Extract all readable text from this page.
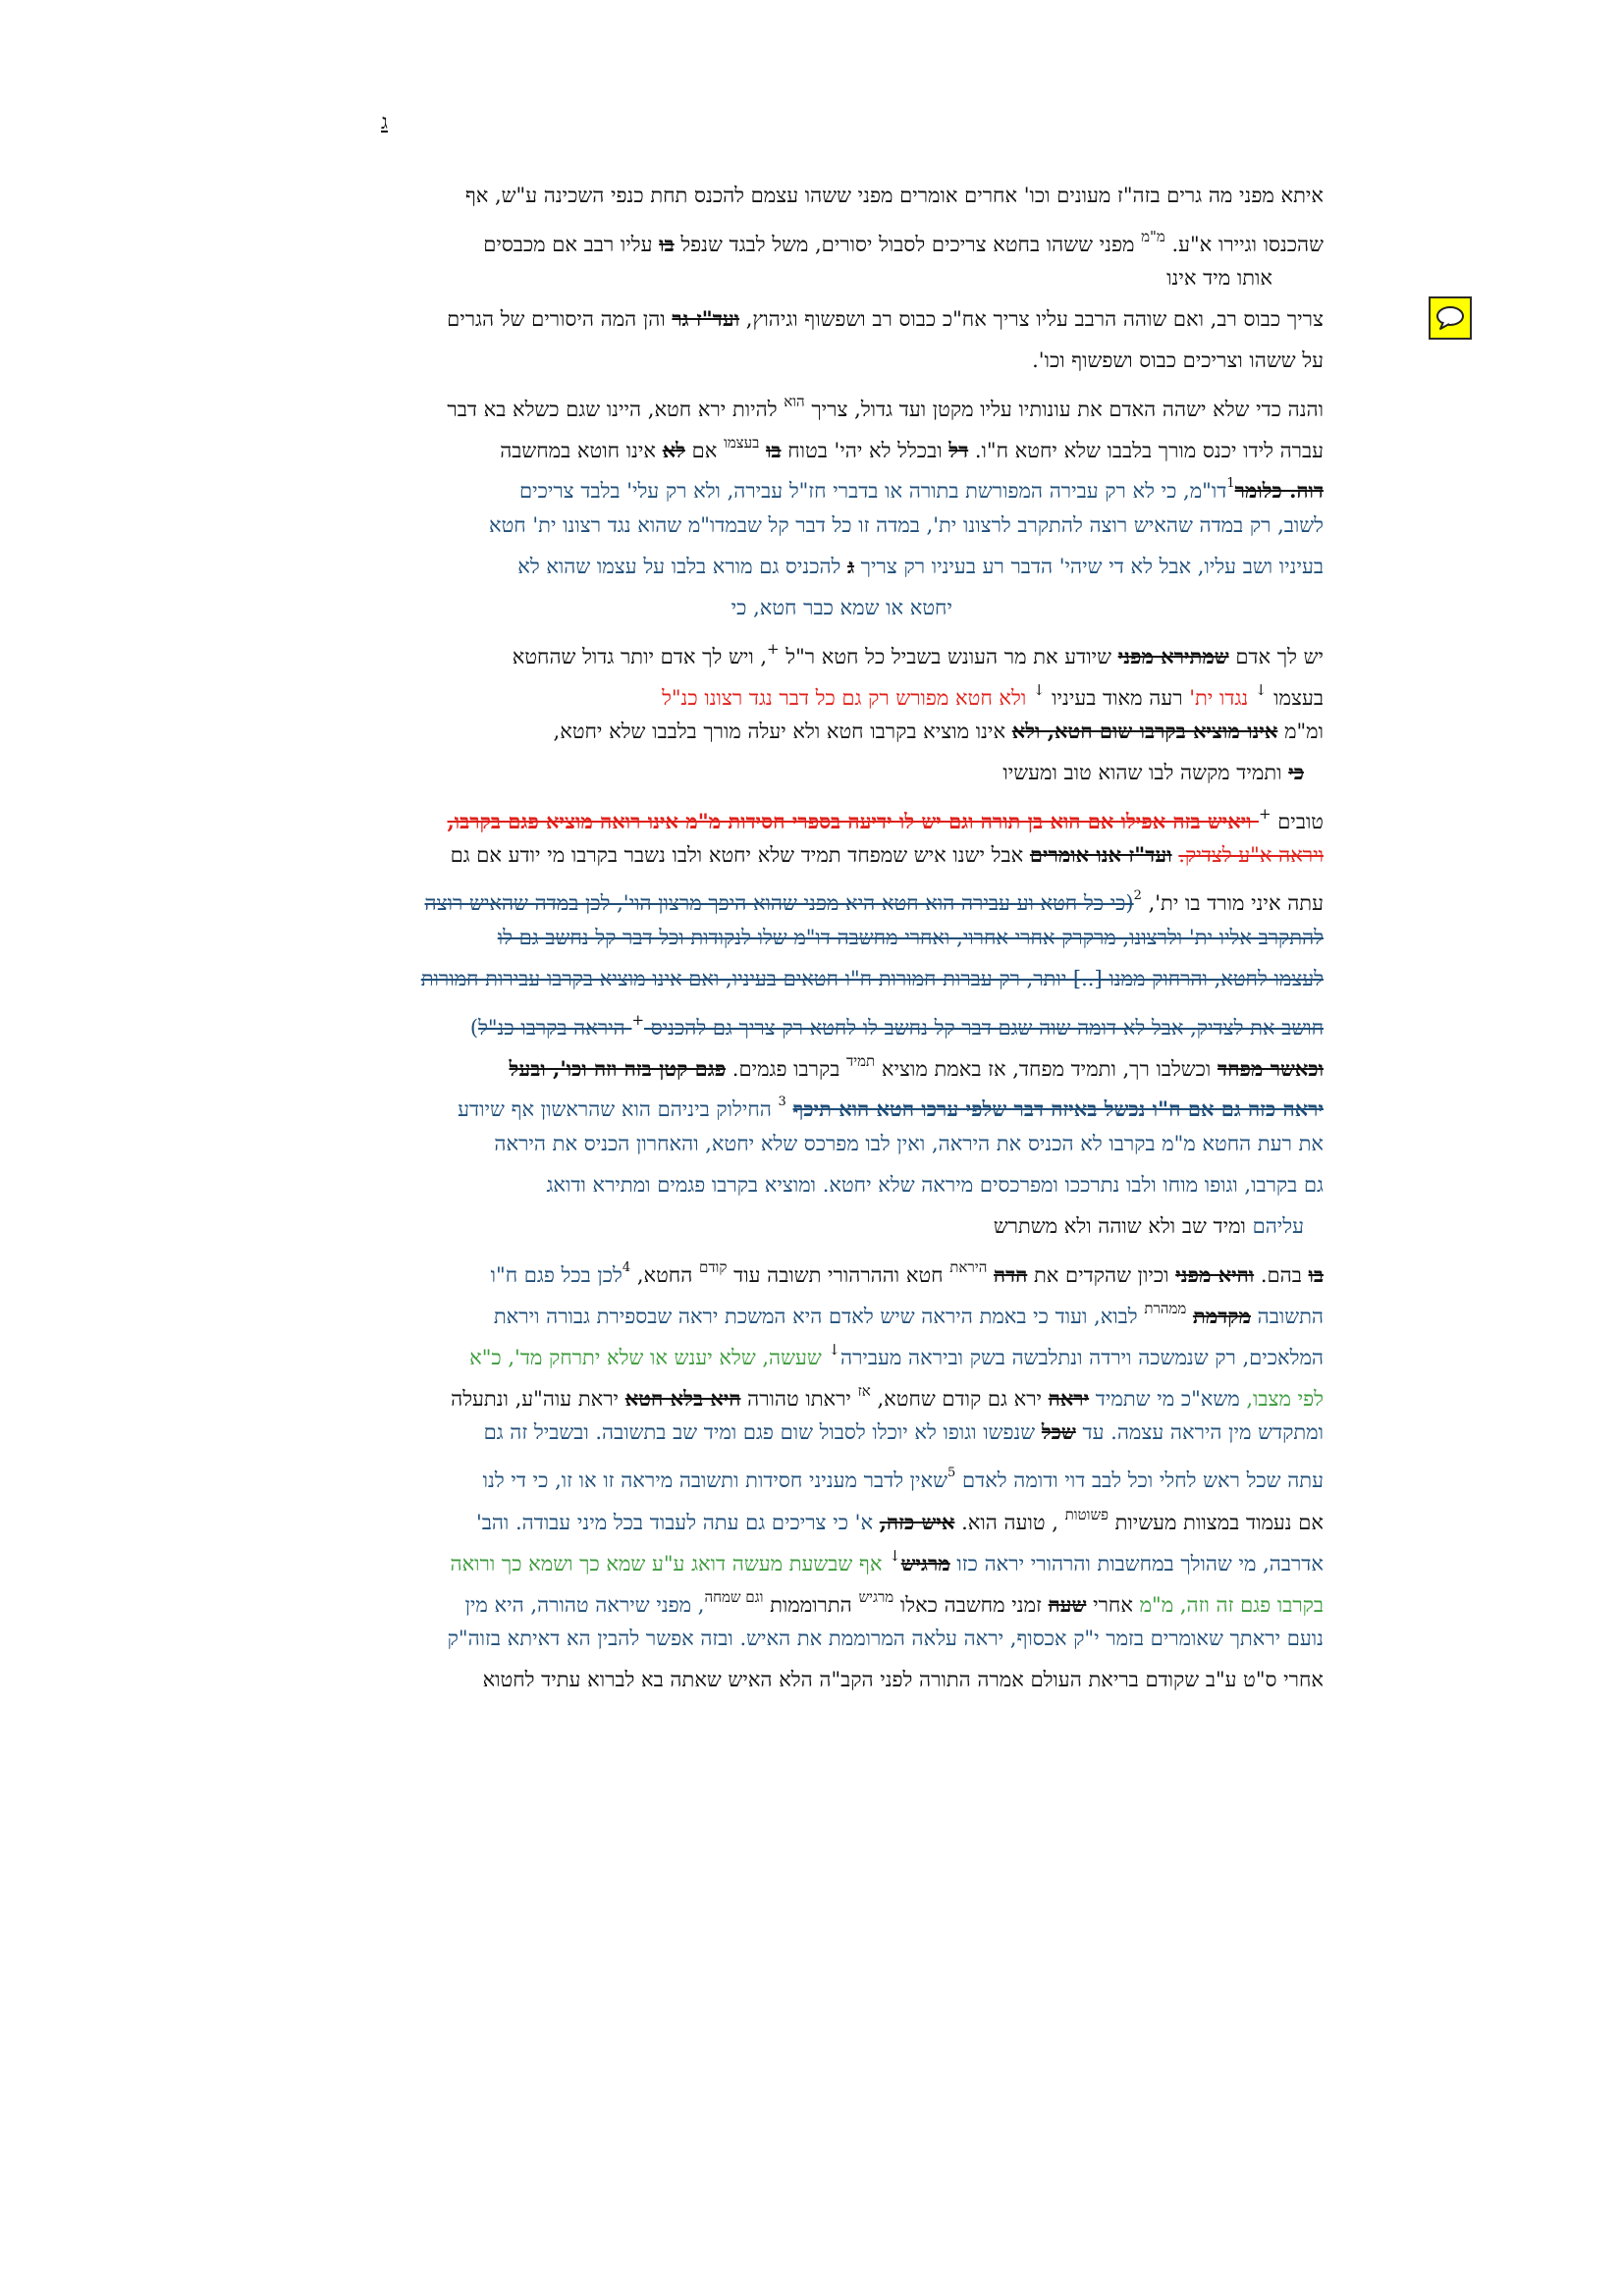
ג
איתא מפני מה גרים בזה"ז מעונים וכו' אחרים אומרים מפני ששהו עצמם להכנס תחת כנפי השכינה ע"ש, אף
שהכנסו וגיירו א"ע. $^{מ"מ}$ מפני ששהו בחטא צריכים לסבול יסורים, משל לבגד שנפל בו עליו רבב אם מכבסים
אותו מיד אינו
צריך כבוס רב, ואם שוהה הרבב עליו צריך אח"כ כבוס רב ושפשוף וגיהוץ, ועד"ז גר והן המה היסורים של הגרים
על ששהו וצריכים כבוס ושפשוף וכו'.
והנה כדי שלא ישהה האדם את עונותיו עליו מקטן ועד גדול, צריך $^{הוא}$ להיות ירא חטא, היינו שגם כשלא בא דבר
עברה לידו יכנס מורך בלבבו שלא יחטא ח"ו. דל ובכלל לא יהי' בטוח בו $^{בעצמו}$ אם לא אינו חוטא במחשבה
דוה. כלומר$^1$דו"מ, כי לא רק עבירה המפורשת בתורה או בדברי חז"ל עבירה, ולא רק עלי' בלבד צריכים
לשוב, רק במדה שהאיש רוצה להתקרב לרצונו ית', במדה זו כל דבר קל שבמדו"מ שהוא נגד רצונו ית' חטא
בעיניו ושב עליו, אבל לא די שיהי' הדבר רע בעיניו רק צריך ג להכניס גם מורא בלבו על עצמו שהוא לא
יחטא או שמא כבר חטא, כי
יש לך אדם שמתירא מפני שיודע את מר העונש בשביל כל חטא ר"ל +, ויש לך אדם יותר גדול שהחטא
בעצמו ↓ נגדו ית' רעה מאוד בעיניו ↓ ולא חטא מפורש רק גם כל דבר נגד רצונו כנ"ל
ומ"מ אינו מוציא בקרבו שום חטא, ולא אינו מוציא בקרבו חטא ולא יעלה מורך בלבבו שלא יחטא,
כי ותמיד מקשה לבו שהוא טוב ומעשיו
טובים + ויאיש בזה אפילו אם הוא בן תורה וגם יש לו ידיעה בספרי חסידות מ"מ אינו רואה מוציא פגם בקרבו,
ויראה א"ע לצדיק. ועד"ז אנו אומרים אבל ישנו איש שמפחד תמיד שלא יחטא ולבו נשבר בקרבו מי יודע אם גם
עתה איני מורד בו ית', $^2$(כי כל חטא וע עבירה הוא חטא היא מפני שהוא היפך מרצון הוי', לכן במדה שהאיש רוצה
להתקרב אליו ית' ולרצונו, מרקרק אחרי אחרוי, ואחרי מחשבה דו"מ שלו לנקודות וכל דבר קל נחשב גם לו
לעצמו לחטא, והרחוק ממנו [..] יותר, רק עברות חמורות ח"ו חטאים בעיניו, ואם אינו מוציא בקרבו עבירות חמורות
חושב את לצדיק, אבל לא דומה שוה שגם דבר קל נחשב לו לחטא רק צריך גם להכניס + היראה בקרבו כנ"ל)
וכאשר מפחד וכשלבו רך, ותמיד מפחד, אז באמת מוציא $^{תמיד}$ בקרבו פגמים. פגם קטן בזה וזה וכו', ובעל
יראה כזה גם אם ח"ו נכשל באיזה דבר שלפי ערכו חטא הוא תיכף $^3$ החילוק ביניהם הוא שהראשון אף שיודע
את רעת החטא מ"מ בקרבו לא הכניס את היראה, ואין לבו מפרכס שלא יחטא, והאחרון הכניס את היראה
גם בקרבו, וגופו מוחו ולבו נתרככו ומפרכסים מיראה שלא יחטא. ומוציא בקרבו פגמים ומתירא ודואג
עליהם ומיד שב ולא שוהה ולא משתרש
בו בהם. והיא מפני וכיון שהקדים את הדה $^{היראת}$ חטא וההרהורי תשובה עוד $^{קודם}$ החטא, $^4$לכן בכל פגם ח"ו
התשובה מקדמת $^{ממהרת}$ לבוא, ועוד כי באמת היראה שיש לאדם היא המשכת יראה שבספירת גבורה ויראת
המלאכים, רק שנמשכה וירדה ונתלבשה בשק וביראה מעבירה↓ שעשה, שלא יענש או שלא יתרחק מד', כ"א
לפי מצבו, משא"כ מי שתמיד יראה ירא גם קודם שחטא, $^{אז}$ יראתו טהורה היא בלא חטא יראת עוה"ע, ונתעלה
ומתקדש מין היראה עצמה. עד שכל שנפשו וגופו לא יוכלו לסבול שום פגם ומיד שב בתשובה. ובשביל זה גם
עתה שכל ראש לחלי וכל לבב דוי ודומה לאדם $^5$שאין לדבר מעניני חסידות ותשובה מיראה זו או זו, כי די לנו
אם נעמוד במצוות מעשיות $^{פשוטות}$ , טועה הוא. איש כזה, א' כי צריכים גם עתה לעבוד בכל מיני עבודה. והב'
אדרבה, מי שהולך במחשבות והרהורי יראה כזו מרגיש↓ אף שבשעת מעשה דואג ע"ע שמא כך ושמא כך ורואה
בקרבו פגם זה וזה, מ"מ אחרי שעה זמני מחשבה כאלו $^{מרגיש}$ התרוממות $^{וגם שמחה}$, מפני שיראה טהורה, היא מין
נועם יראתך שאומרים בזמר י"ק אכסוף, יראה עלאה המרוממת את האיש. ובזה אפשר להבין הא דאיתא בזוה"ק
אחרי ס"ט ע"ב שקודם בריאת העולם אמרה התורה לפני הקב"ה הלא האיש שאתה בא לברוא עתיד לחטוא
